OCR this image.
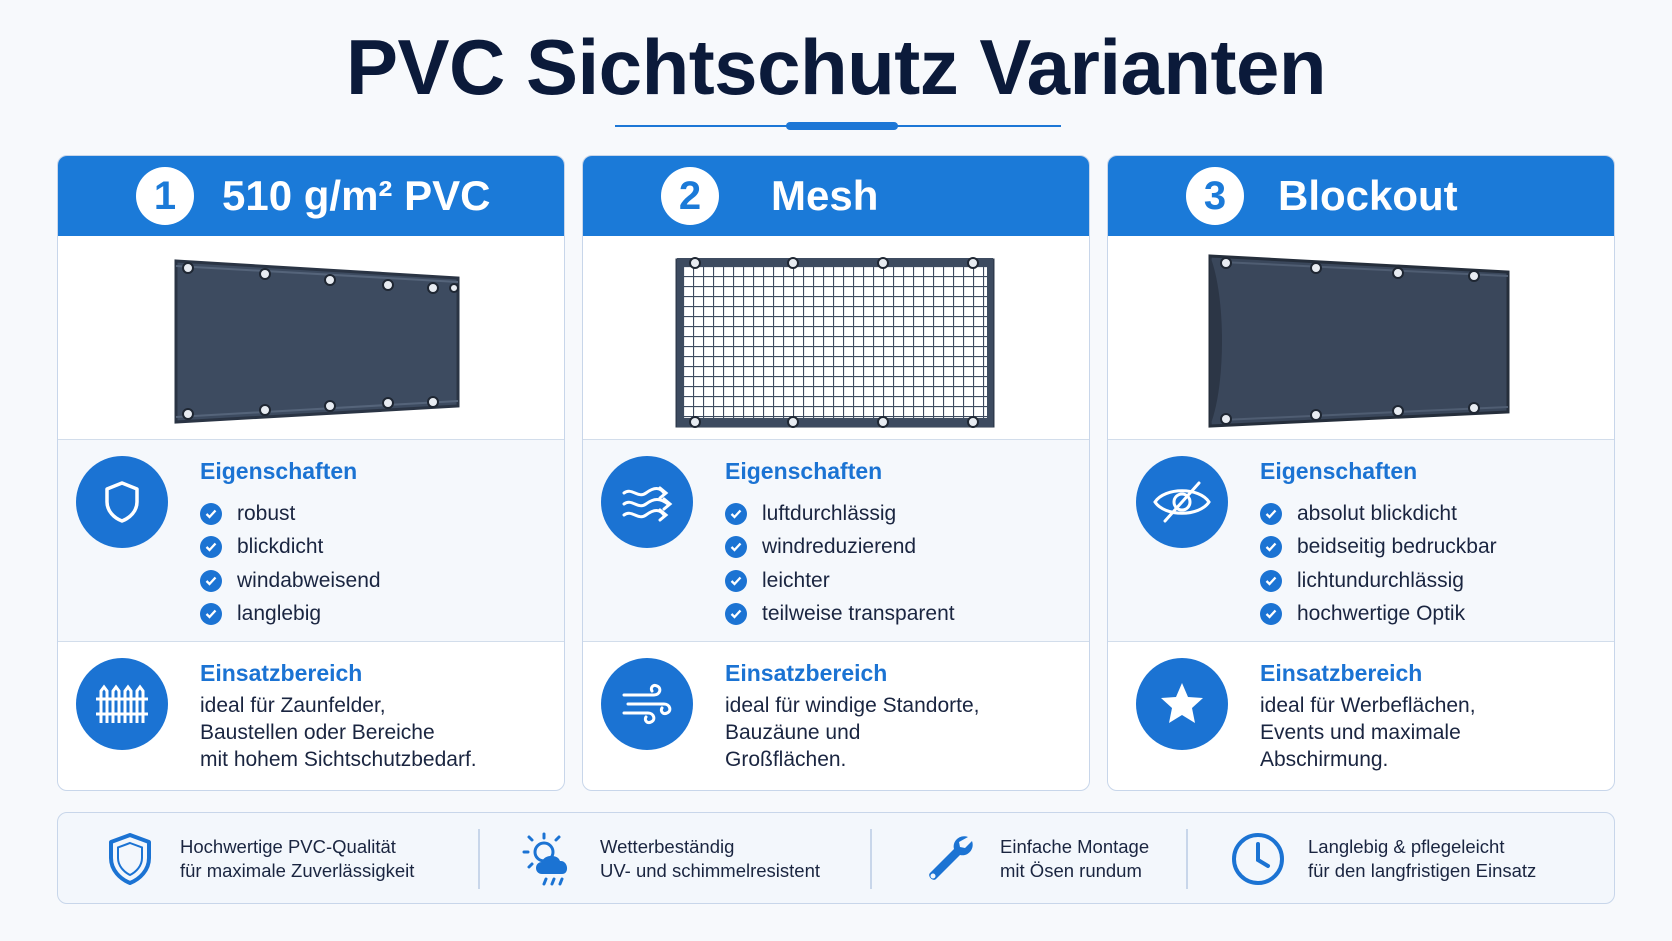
PVC Sichtschutz Varianten
1	510 g/m² PVC
Eigenschaften
robust
blickdicht
windabweisend
langlebig
Einsatzbereich
ideal für Zaunfelder,
Baustellen oder Bereiche
mit hohem Sichtschutzbedarf.
2	Mesh
Eigenschaften
luftdurchlässig
windreduzierend
leichter
teilweise transparent
Einsatzbereich
ideal für windige Standorte,
Bauzäune und
Großflächen.
3	Blockout
Eigenschaften
absolut blickdicht
beidseitig bedruckbar
lichtundurchlässig
hochwertige Optik
Einsatzbereich
ideal für Werbeflächen,
Events und maximale
Abschirmung.
Hochwertige PVC-Qualität
für maximale Zuverlässigkeit
Wetterbeständig
UV- und schimmelresistent
Einfache Montage
mit Ösen rundum
Langlebig & pflegeleicht
für den langfristigen Einsatz
